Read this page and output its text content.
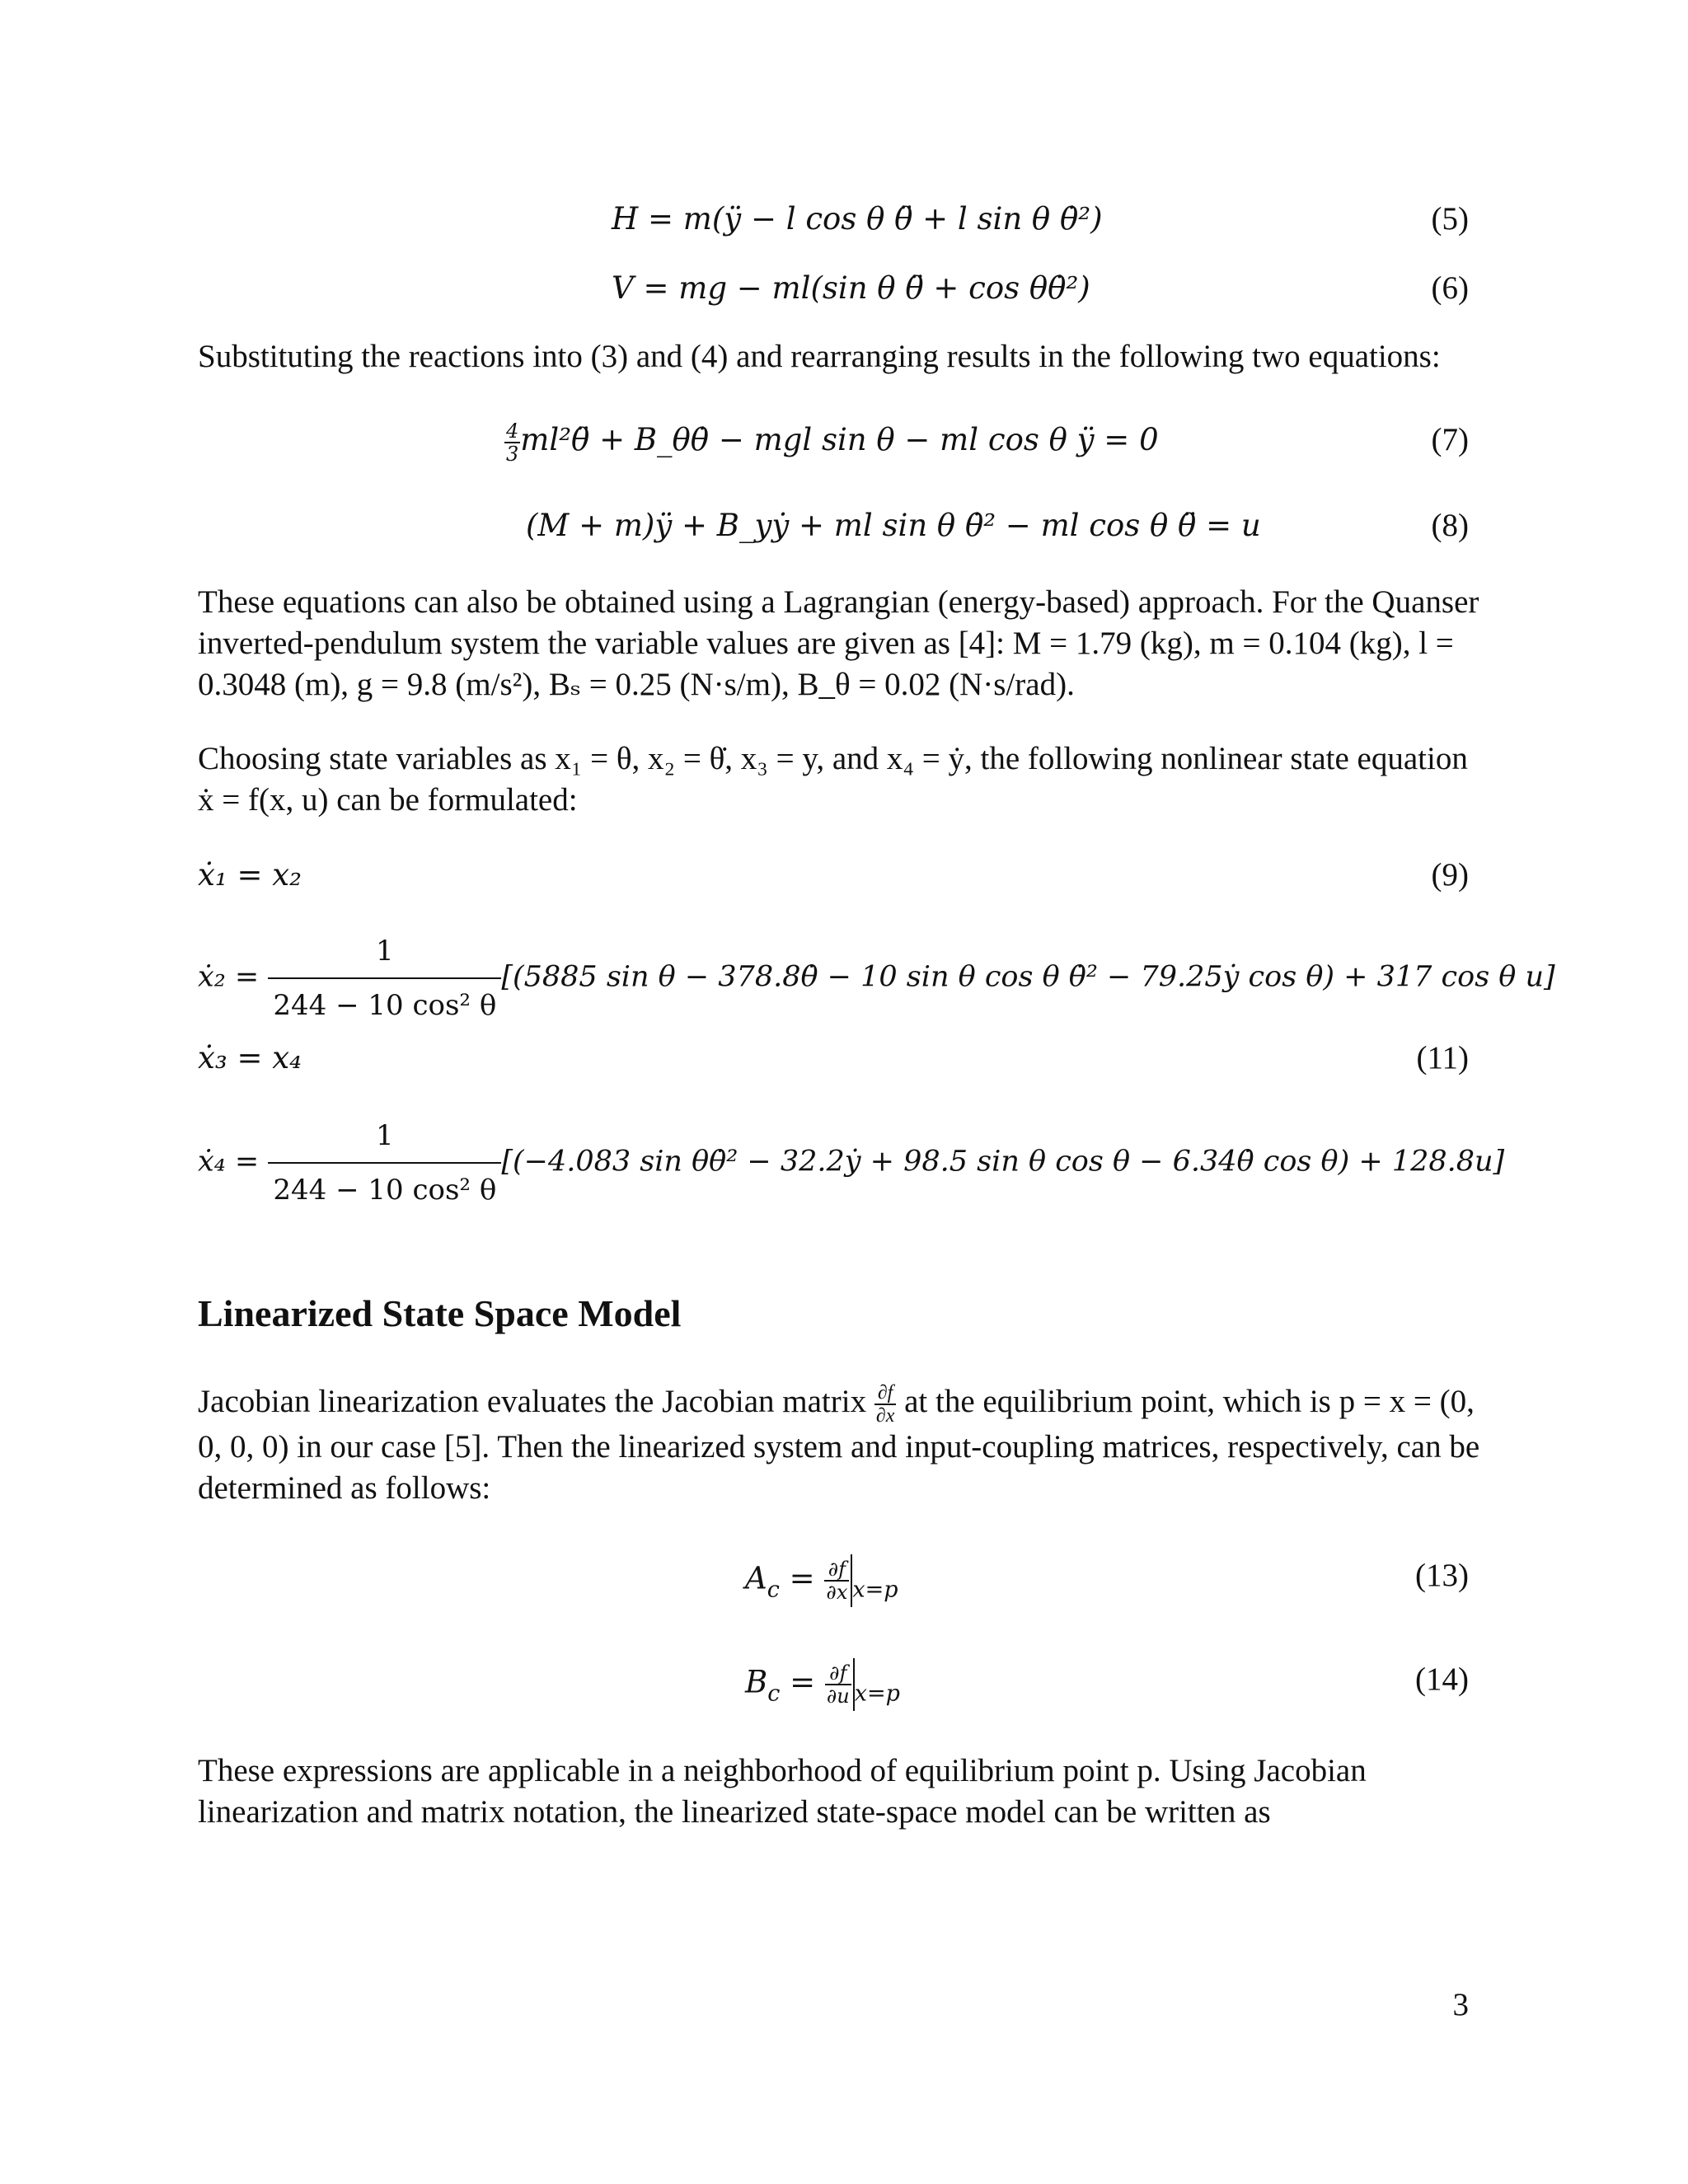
H = m(ÿ − l cos θ θ̈ + l sin θ θ̇²)	(5)
V = mg − ml(sin θ θ̈ + cos θθ̇²)	(6)

Substituting the reactions into (3) and (4) and rearranging results in the following two equations:

$\frac{4}{3}$ ml²θ̈ + B_θθ̇ − mgl sin θ − ml cos θ ÿ = 0	(7)
(M + m)ÿ + B_yẏ + ml sin θ θ̇² − ml cos θ θ̈ = u	(8)

These equations can also be obtained using a Lagrangian (energy-based) approach. For the Quanser inverted-pendulum system the variable values are given as [4]: M = 1.79 (kg), m = 0.104 (kg), l = 0.3048 (m), g = 9.8 (m/s²), Bₛ = 0.25 (N·s/m), B_θ = 0.02 (N·s/rad).

Choosing state variables as x₁ = θ, x₂ = θ̇, x₃ = y, and x₄ = ẏ, the following nonlinear state equation ẋ = f(x, u) can be formulated:

ẋ₁ = x₂	(9)
ẋ₂ = $\frac{1}{\text{244 − 10 cos² θ}} [(5885$ sin θ − 378.8θ̇ − 10 sin θ cos θ θ̇² − 79.25ẏ cos θ) + 317 cos θ u]
ẋ₃ = x₄	(11)
ẋ₄ = $\frac{1}{\text{244 − 10 cos² θ}} [(-4.083$ sin θθ̇² − 32.2ẏ + 98.5 sin θ cos θ − 6.34θ̇ cos θ) + 128.8u]
Linearized State Space Model

Jacobian linearization evaluates the Jacobian matrix $\frac{\partial f}{\partial x}$ at the equilibrium point, which is p = x = (0, 0, 0, 0) in our case [5]. Then the linearized system and input-coupling matrices, respectively, can be determined as follows:

$A_c = \frac{\partial f}{\partial x} _{x=p}$	(13)
$B_c = \frac{\partial f}{\partial u} _{x=p}$	(14)

These expressions are applicable in a neighborhood of equilibrium point p. Using Jacobian linearization and matrix notation, the linearized state-space model can be written as

3
